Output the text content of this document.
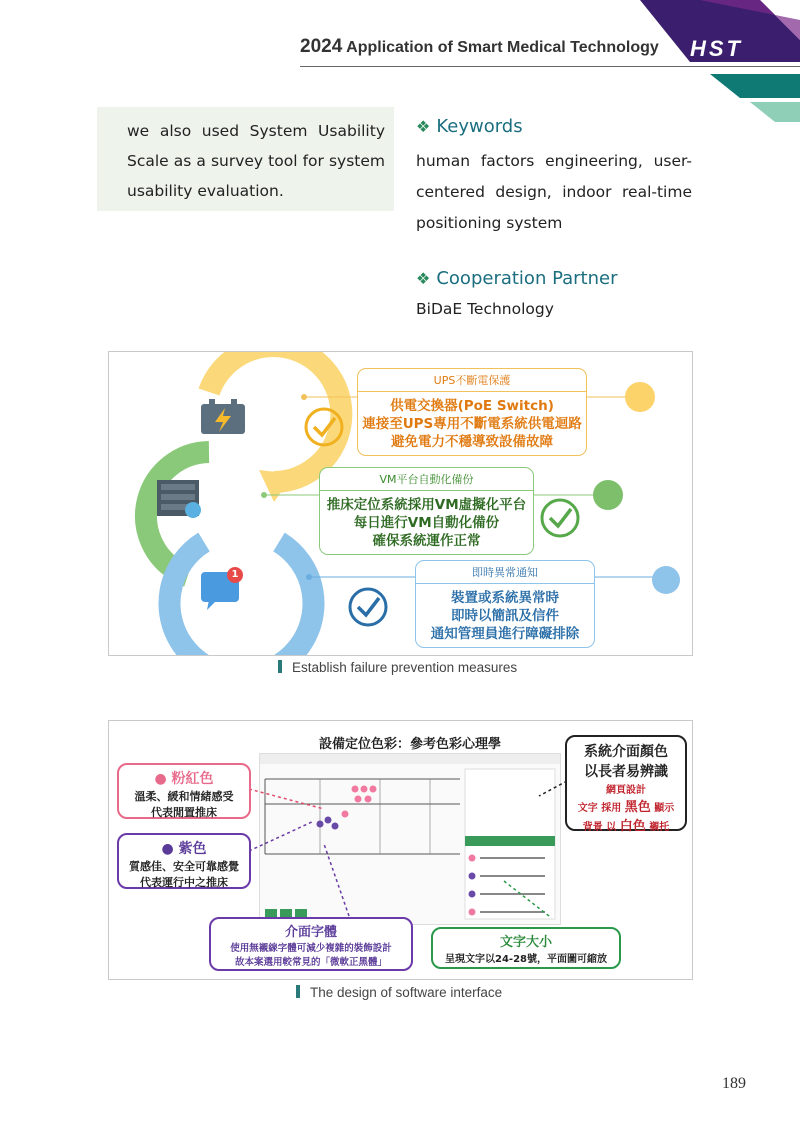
2024 Application of Smart Medical Technology HST
we also used System Usability Scale as a survey tool for system usability evaluation.
❖ Keywords
human factors engineering, user-centered design, indoor real-time positioning system
❖ Cooperation Partner
BiDaE Technology
1
UPS不斷電保護
供電交換器(PoE Switch)
連接至UPS專用不斷電系統供電迴路
避免電力不穩導致設備故障
VM平台自動化備份
推床定位系統採用VM虛擬化平台
每日進行VM自動化備份
確保系統運作正常
即時異常通知
裝置或系統異常時
即時以簡訊及信件
通知管理員進行障礙排除
Establish failure prevention measures
設備定位色彩：參考色彩心理學
● 粉紅色
溫柔、緩和情緒感受
代表閒置推床
● 紫色
質感佳、安全可靠感覺
代表運行中之推床
系統介面顏色
以長者易辨識
網頁設計
文字 採用 黑色 顯示
背景 以 白色 襯托
介面字體
使用無襯線字體可減少複雜的裝飾設計
故本案選用較常見的「微軟正黑體」
文字大小
呈現文字以24-28號，平面圖可縮放
The design of software interface
189
